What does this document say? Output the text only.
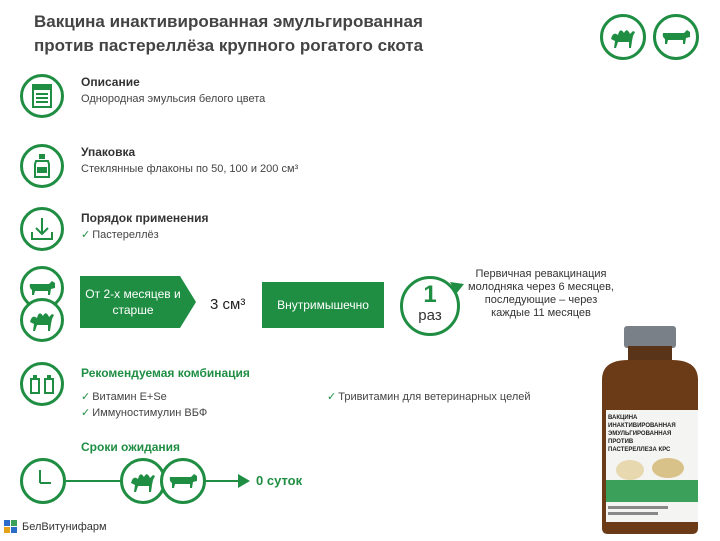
Вакцина инактивированная эмульгированная
против пастереллёза крупного рогатого скота
Описание
Однородная эмульсия белого цвета
Упаковка
Стеклянные флаконы по 50, 100 и 200 см³
Порядок применения
✓ Пастереллёз
От 2-х месяцев и старше	3 см³	Внутримышечно	1
раз
Первичная ревакцинация молодняка через 6 месяцев, последующие – через каждые 11 месяцев
Рекомендуемая комбинация
✓ Витамин Е+Se
✓ Иммуностимулин ВБФ
✓ Тривитамин для ветеринарных целей
Сроки ожидания
0 суток
ВАКЦИНА ИНАКТИВИРОВАННАЯ
ЭМУЛЬГИРОВАННАЯ ПРОТИВ
ПАСТЕРЕЛЛЕЗА КРС
БелВитунифарм
